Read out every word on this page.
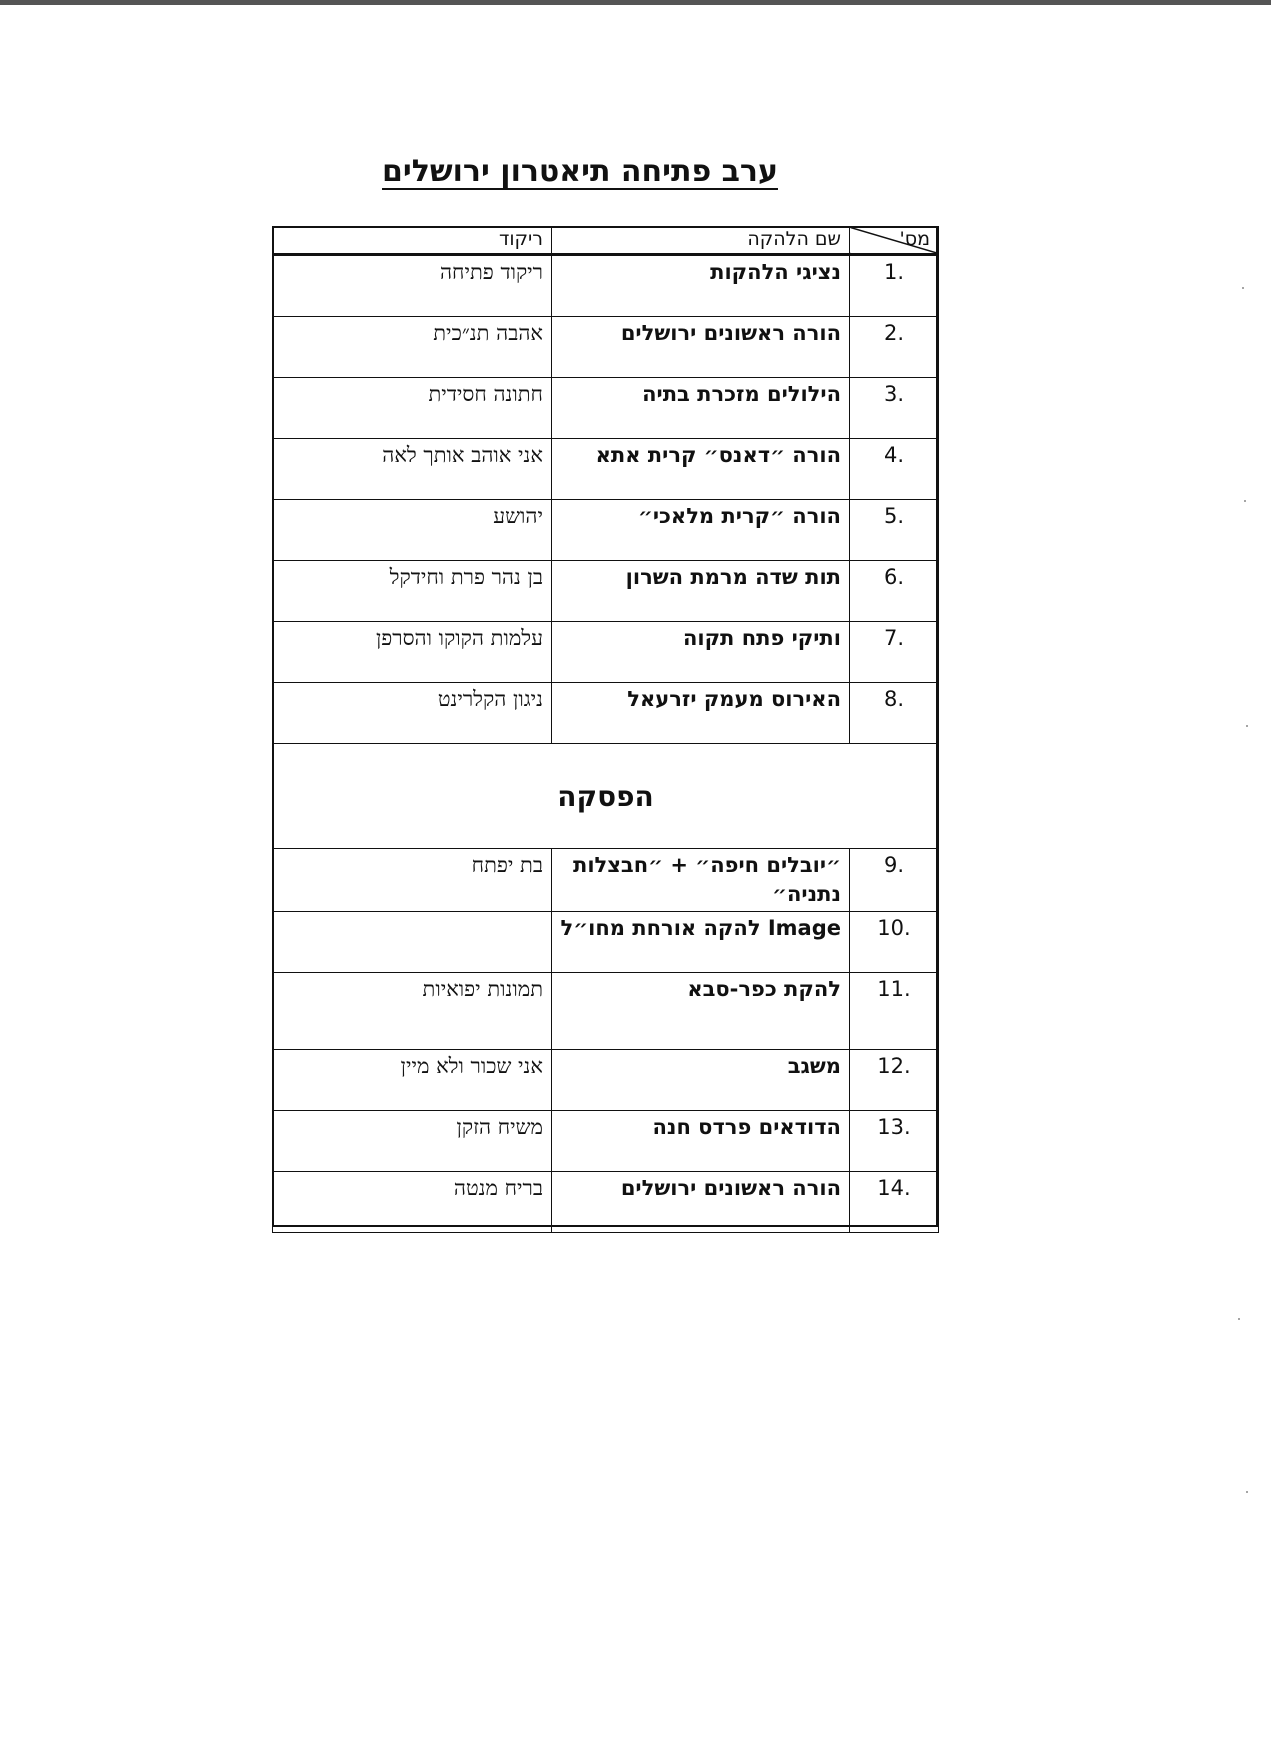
ערב פתיחה תיאטרון ירושלים
מס'	שם הלהקה	ריקוד
.1	נציגי הלהקות	ריקוד פתיחה
.2	הורה ראשונים ירושלים	אהבה תנ״כית
.3	הילולים מזכרת בתיה	חתונה חסידית
.4	הורה ״דאנס״ קרית אתא	אני אוהב אותך לאה
.5	הורה ״קרית מלאכי״	יהושע
.6	תות שדה מרמת השרון	בן נהר פרת וחידקל
.7	ותיקי פתח תקוה	עלמות הקוקו והסרפן
.8	האירוס מעמק יזרעאל	ניגון הקלרינט
הפסקה		
.9	״יובלים חיפה״ + ״חבצלות נתניה״	בת יפתח
.10	Image להקה אורחת מחו״ל	
.11	להקת כפר-סבא	תמונות יפואיות
.12	משגב	אני שכור ולא מיין
.13	הדודאים פרדס חנה	משיח הזקן
.14	הורה ראשונים ירושלים	בריח מנטה
